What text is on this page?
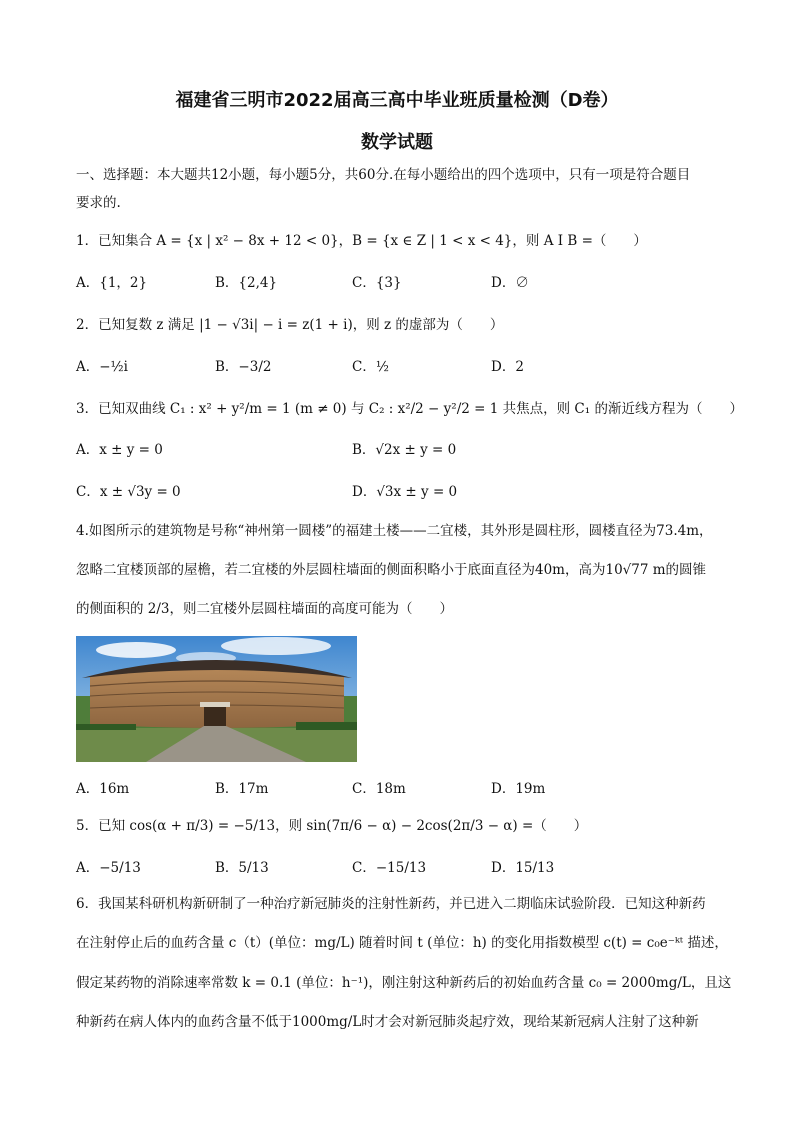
福建省三明市2022届高三高中毕业班质量检测（D卷）
数学试题
一、选择题：本大题共12小题，每小题5分，共60分.在每小题给出的四个选项中，只有一项是符合题目
要求的.
1．已知集合 A = {x | x² − 8x + 12 < 0}，B = {x ∈ Z | 1 < x < 4}，则 A I B =（　　）
A．{1，2}	B．{2,4}	C．{3}	D．∅
2．已知复数 z 满足 |1 − √3i| − i = z(1 + i)，则 z 的虚部为（　　）
A．−½i	B．−3/2	C．½	D．2
3．已知双曲线 C₁ : x² + y²/m = 1 (m ≠ 0) 与 C₂ : x²/2 − y²/2 = 1 共焦点，则 C₁ 的渐近线方程为（　　）
A．x ± y = 0	B．√2x ± y = 0
C．x ± √3y = 0	D．√3x ± y = 0
4.如图所示的建筑物是号称“神州第一圆楼”的福建土楼——二宜楼，其外形是圆柱形，圆楼直径为73.4m，
忽略二宜楼顶部的屋檐，若二宜楼的外层圆柱墙面的侧面积略小于底面直径为40m，高为10√77 m的圆锥
的侧面积的 2/3，则二宜楼外层圆柱墙面的高度可能为（　　）
A．16m	B．17m	C．18m	D．19m
5．已知 cos(α + π/3) = −5/13，则 sin(7π/6 − α) − 2cos(2π/3 − α) =（　　）
A．−5/13	B．5/13	C．−15/13	D．15/13
6．我国某科研机构新研制了一种治疗新冠肺炎的注射性新药，并已进入二期临床试验阶段．已知这种新药
在注射停止后的血药含量 c（t）(单位：mg/L) 随着时间 t (单位：h) 的变化用指数模型 c(t) = c₀e⁻ᵏᵗ 描述，
假定某药物的消除速率常数 k = 0.1 (单位：h⁻¹)，刚注射这种新药后的初始血药含量 c₀ = 2000mg/L，且这
种新药在病人体内的血药含量不低于1000mg/L时才会对新冠肺炎起疗效，现给某新冠病人注射了这种新
